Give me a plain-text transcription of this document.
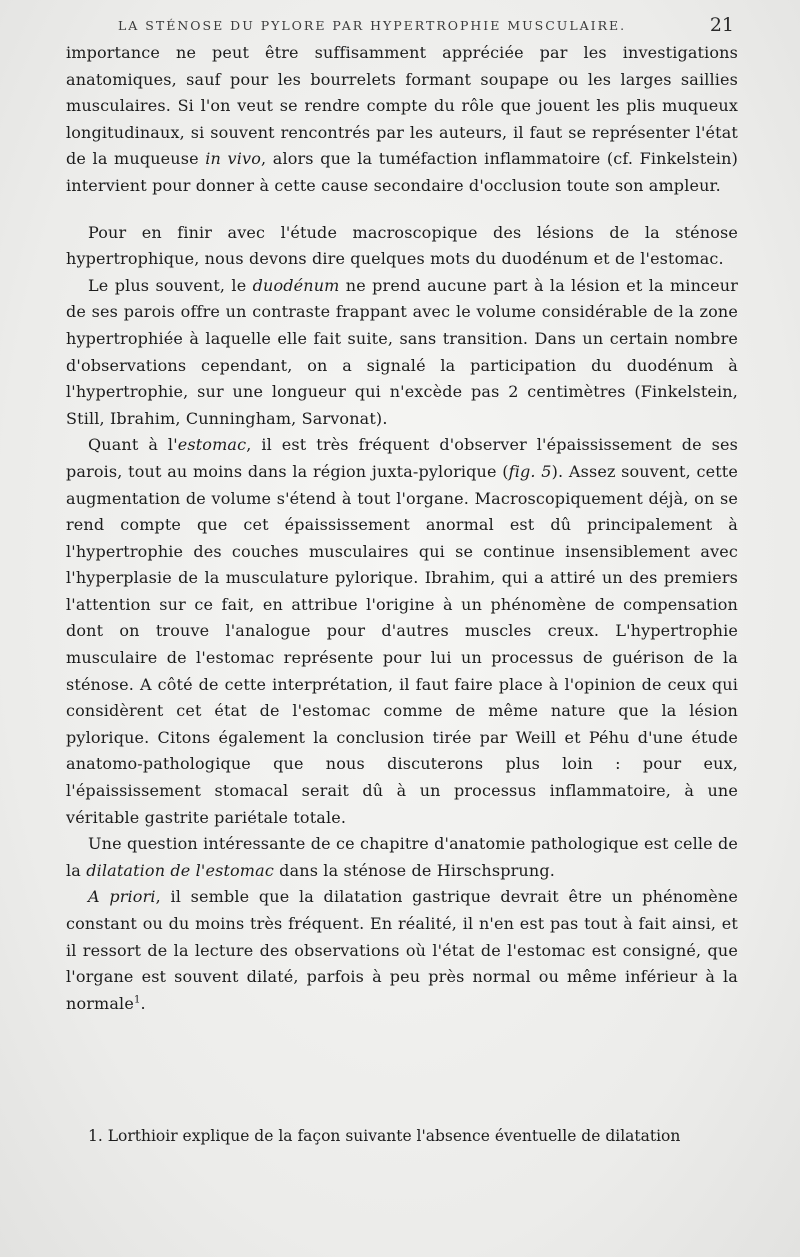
LA STÉNOSE DU PYLORE PAR HYPERTROPHIE MUSCULAIRE.	21

importance ne peut être suffisamment appréciée par les investigations anatomiques, sauf pour les bourrelets formant soupape ou les larges saillies musculaires. Si l'on veut se rendre compte du rôle que jouent les plis muqueux longitudinaux, si souvent rencontrés par les auteurs, il faut se représenter l'état de la muqueuse in vivo, alors que la tuméfaction inflammatoire (cf. Finkelstein) intervient pour donner à cette cause secondaire d'occlusion toute son ampleur.

Pour en finir avec l'étude macroscopique des lésions de la sténose hypertrophique, nous devons dire quelques mots du duodénum et de l'estomac.

Le plus souvent, le duodénum ne prend aucune part à la lésion et la minceur de ses parois offre un contraste frappant avec le volume considérable de la zone hypertrophiée à laquelle elle fait suite, sans transition. Dans un certain nombre d'observations cependant, on a signalé la participation du duodénum à l'hypertrophie, sur une longueur qui n'excède pas 2 centimètres (Finkelstein, Still, Ibrahim, Cunningham, Sarvonat).

Quant à l'estomac, il est très fréquent d'observer l'épaississement de ses parois, tout au moins dans la région juxta-pylorique (fig. 5). Assez souvent, cette augmentation de volume s'étend à tout l'organe. Macroscopiquement déjà, on se rend compte que cet épaississement anormal est dû principalement à l'hypertrophie des couches musculaires qui se continue insensiblement avec l'hyperplasie de la musculature pylorique. Ibrahim, qui a attiré un des premiers l'attention sur ce fait, en attribue l'origine à un phénomène de compensation dont on trouve l'analogue pour d'autres muscles creux. L'hypertrophie musculaire de l'estomac représente pour lui un processus de guérison de la sténose. A côté de cette interprétation, il faut faire place à l'opinion de ceux qui considèrent cet état de l'estomac comme de même nature que la lésion pylorique. Citons également la conclusion tirée par Weill et Péhu d'une étude anatomo-pathologique que nous discuterons plus loin : pour eux, l'épaississement stomacal serait dû à un processus inflammatoire, à une véritable gastrite pariétale totale.

Une question intéressante de ce chapitre d'anatomie pathologique est celle de la dilatation de l'estomac dans la sténose de Hirschsprung.

A priori, il semble que la dilatation gastrique devrait être un phénomène constant ou du moins très fréquent. En réalité, il n'en est pas tout à fait ainsi, et il ressort de la lecture des observations où l'état de l'estomac est consigné, que l'organe est souvent dilaté, parfois à peu près normal ou même inférieur à la normale$^1$.

1. Lorthioir explique de la façon suivante l'absence éventuelle de dilatation
